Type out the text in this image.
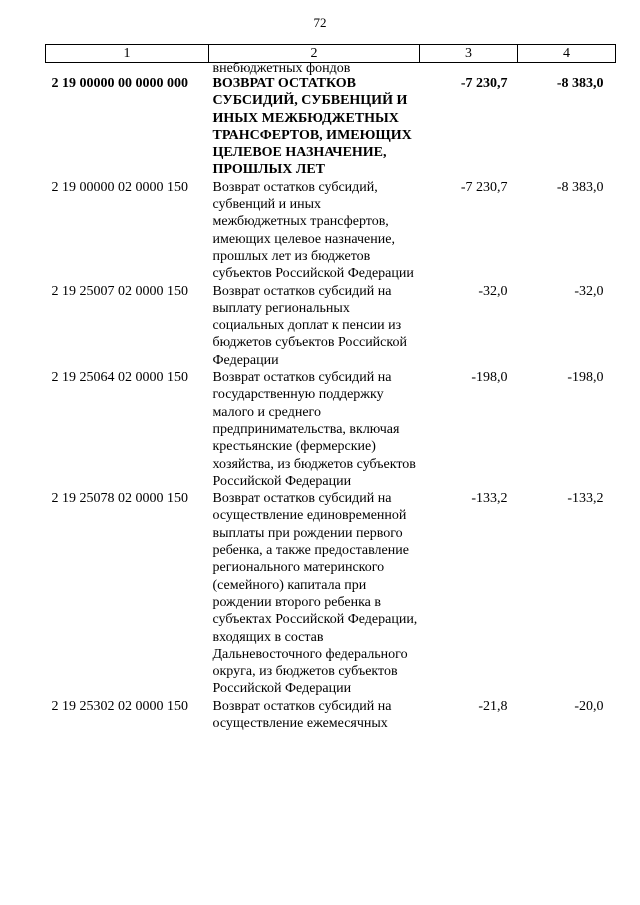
72
1	2	3	4
	внебюджетных фондов		
2 19 00000 00 0000 000	ВОЗВРАТ ОСТАТКОВ СУБСИДИЙ, СУБВЕНЦИЙ И ИНЫХ МЕЖБЮДЖЕТНЫХ ТРАНСФЕРТОВ, ИМЕЮЩИХ ЦЕЛЕВОЕ НАЗНАЧЕНИЕ, ПРОШЛЫХ ЛЕТ	-7 230,7	-8 383,0
2 19 00000 02 0000 150	Возврат остатков субсидий, субвенций и иных межбюджетных трансфертов, имеющих целевое назначение, прошлых лет из бюджетов субъектов Российской Федерации	-7 230,7	-8 383,0
2 19 25007 02 0000 150	Возврат остатков субсидий на выплату региональных социальных доплат к пенсии из бюджетов субъектов Российской Федерации	-32,0	-32,0
2 19 25064 02 0000 150	Возврат остатков субсидий на государственную поддержку малого и среднего предпринимательства, включая крестьянские (фермерские) хозяйства, из бюджетов субъектов Российской Федерации	-198,0	-198,0
2 19 25078 02 0000 150	Возврат остатков субсидий на осуществление единовременной выплаты при рождении первого ребенка, а также предоставление регионального материнского (семейного) капитала при рождении второго ребенка в субъектах Российской Федерации, входящих в состав Дальневосточного федерального округа, из бюджетов субъектов Российской Федерации	-133,2	-133,2
2 19 25302 02 0000 150	Возврат остатков субсидий на осуществление ежемесячных	-21,8	-20,0
